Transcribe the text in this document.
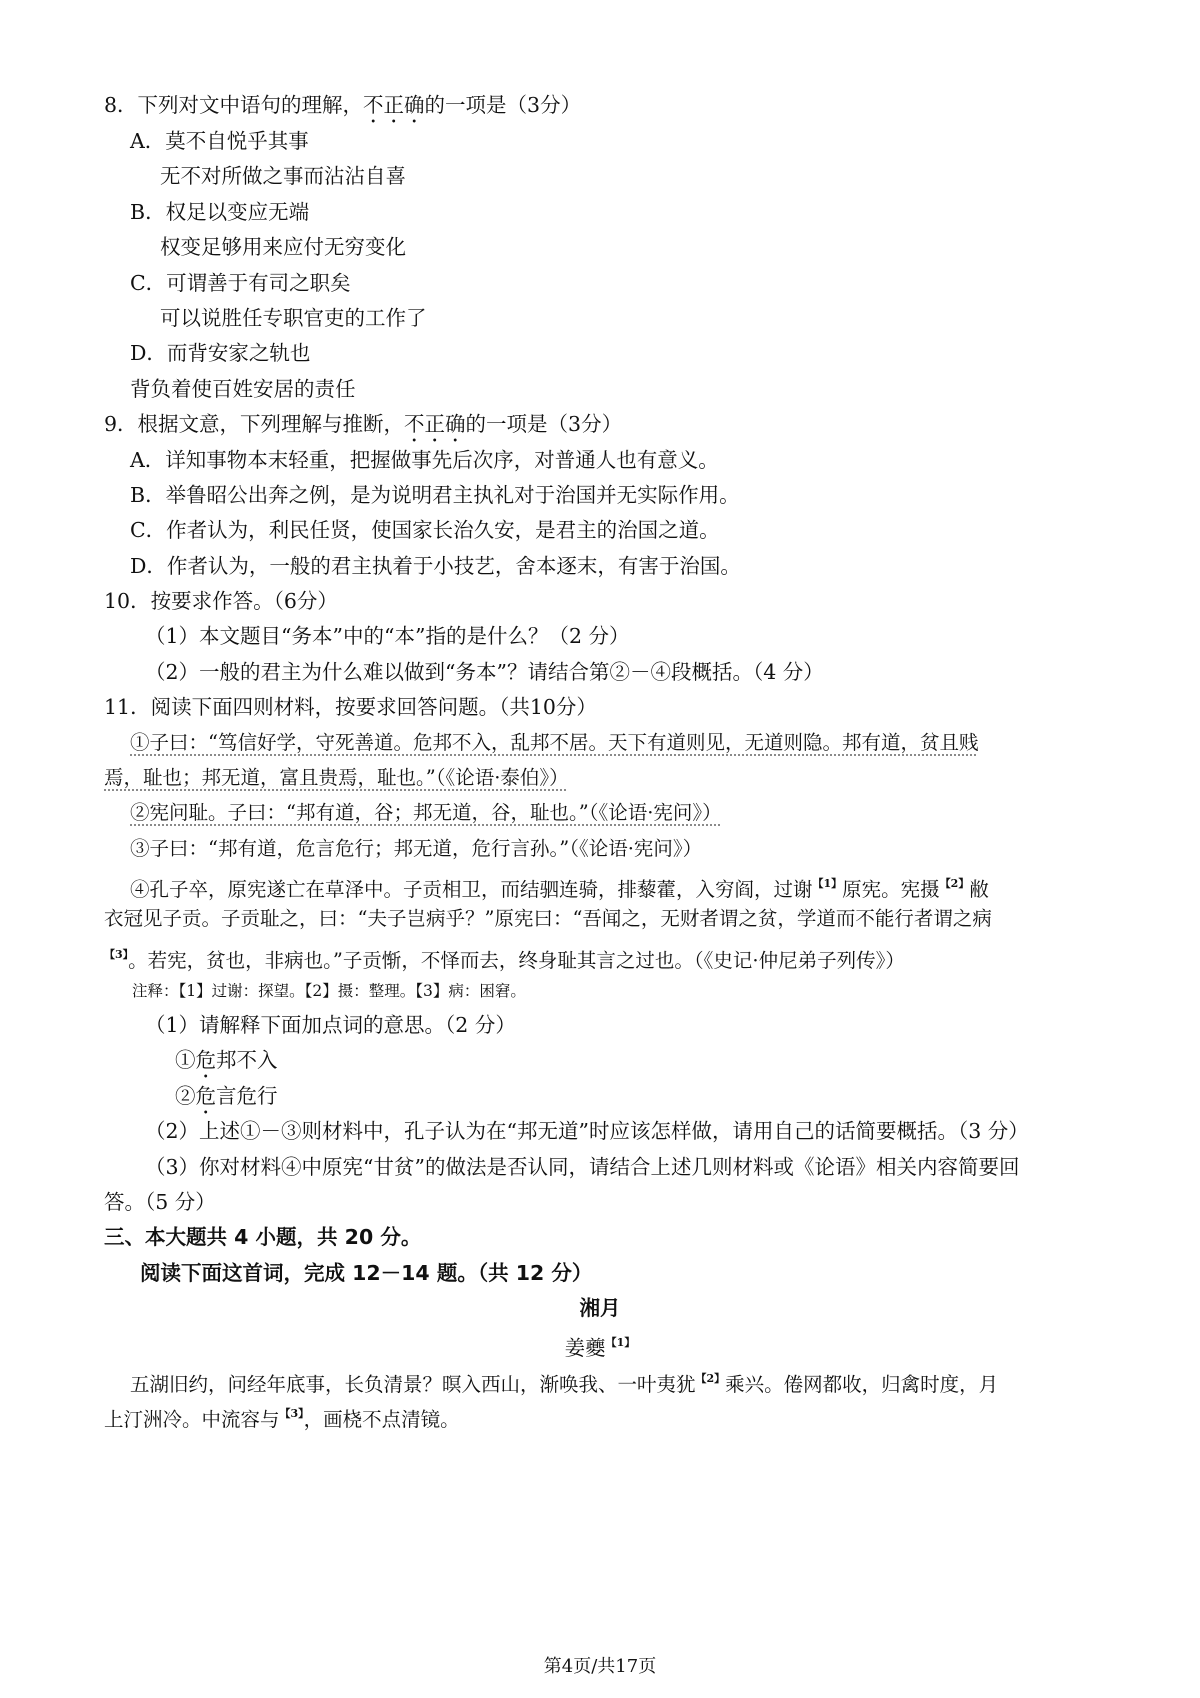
8．下列对文中语句的理解，不正确的一项是（3分）
A．莫不自悦乎其事
无不对所做之事而沾沾自喜
B．权足以变应无端
权变足够用来应付无穷变化
C．可谓善于有司之职矣
可以说胜任专职官吏的工作了
D．而背安家之轨也
背负着使百姓安居的责任
9．根据文意，下列理解与推断，不正确的一项是（3分）
A．详知事物本末轻重，把握做事先后次序，对普通人也有意义。
B．举鲁昭公出奔之例，是为说明君主执礼对于治国并无实际作用。
C．作者认为，利民任贤，使国家长治久安，是君主的治国之道。
D．作者认为，一般的君主执着于小技艺，舍本逐末，有害于治国。
10．按要求作答。（6分）
（1）本文题目“务本”中的“本”指的是什么？（2 分）
（2）一般的君主为什么难以做到“务本”？请结合第②－④段概括。（4 分）
11．阅读下面四则材料，按要求回答问题。（共10分）
①子曰：“笃信好学，守死善道。危邦不入，乱邦不居。天下有道则见，无道则隐。邦有道，贫且贱
焉，耻也；邦无道，富且贵焉，耻也。”（《论语·泰伯》）
②宪问耻。子曰：“邦有道，谷；邦无道，谷，耻也。”（《论语·宪问》）
③子曰：“邦有道，危言危行；邦无道，危行言孙。”（《论语·宪问》）
④孔子卒，原宪遂亡在草泽中。子贡相卫，而结驷连骑，排藜藿，入穷阎，过谢$^{【1】}$原宪。宪摄$^{【2】}$敝
衣冠见子贡。子贡耻之，曰：“夫子岂病乎？”原宪曰：“吾闻之，无财者谓之贫，学道而不能行者谓之病
$^{【3】}$。若宪，贫也，非病也。”子贡惭，不怿而去，终身耻其言之过也。（《史记·仲尼弟子列传》）
注释：【1】过谢：探望。【2】摄：整理。【3】病：困窘。
（1）请解释下面加点词的意思。（2 分）
①危邦不入
②危言危行
（2）上述①－③则材料中，孔子认为在“邦无道”时应该怎样做，请用自己的话简要概括。（3 分）
（3）你对材料④中原宪“甘贫”的做法是否认同，请结合上述几则材料或《论语》相关内容简要回
答。（5 分）
三、本大题共 4 小题，共 20 分。
阅读下面这首词，完成 12－14 题。（共 12 分）
湘月
姜夔$^{【1】}$
五湖旧约，问经年底事，长负清景？暝入西山，渐唤我、一叶夷犹$^{【2】}$乘兴。倦网都收，归禽时度，月
上汀洲冷。中流容与$^{【3】}$，画桡不点清镜。
第4页/共17页
